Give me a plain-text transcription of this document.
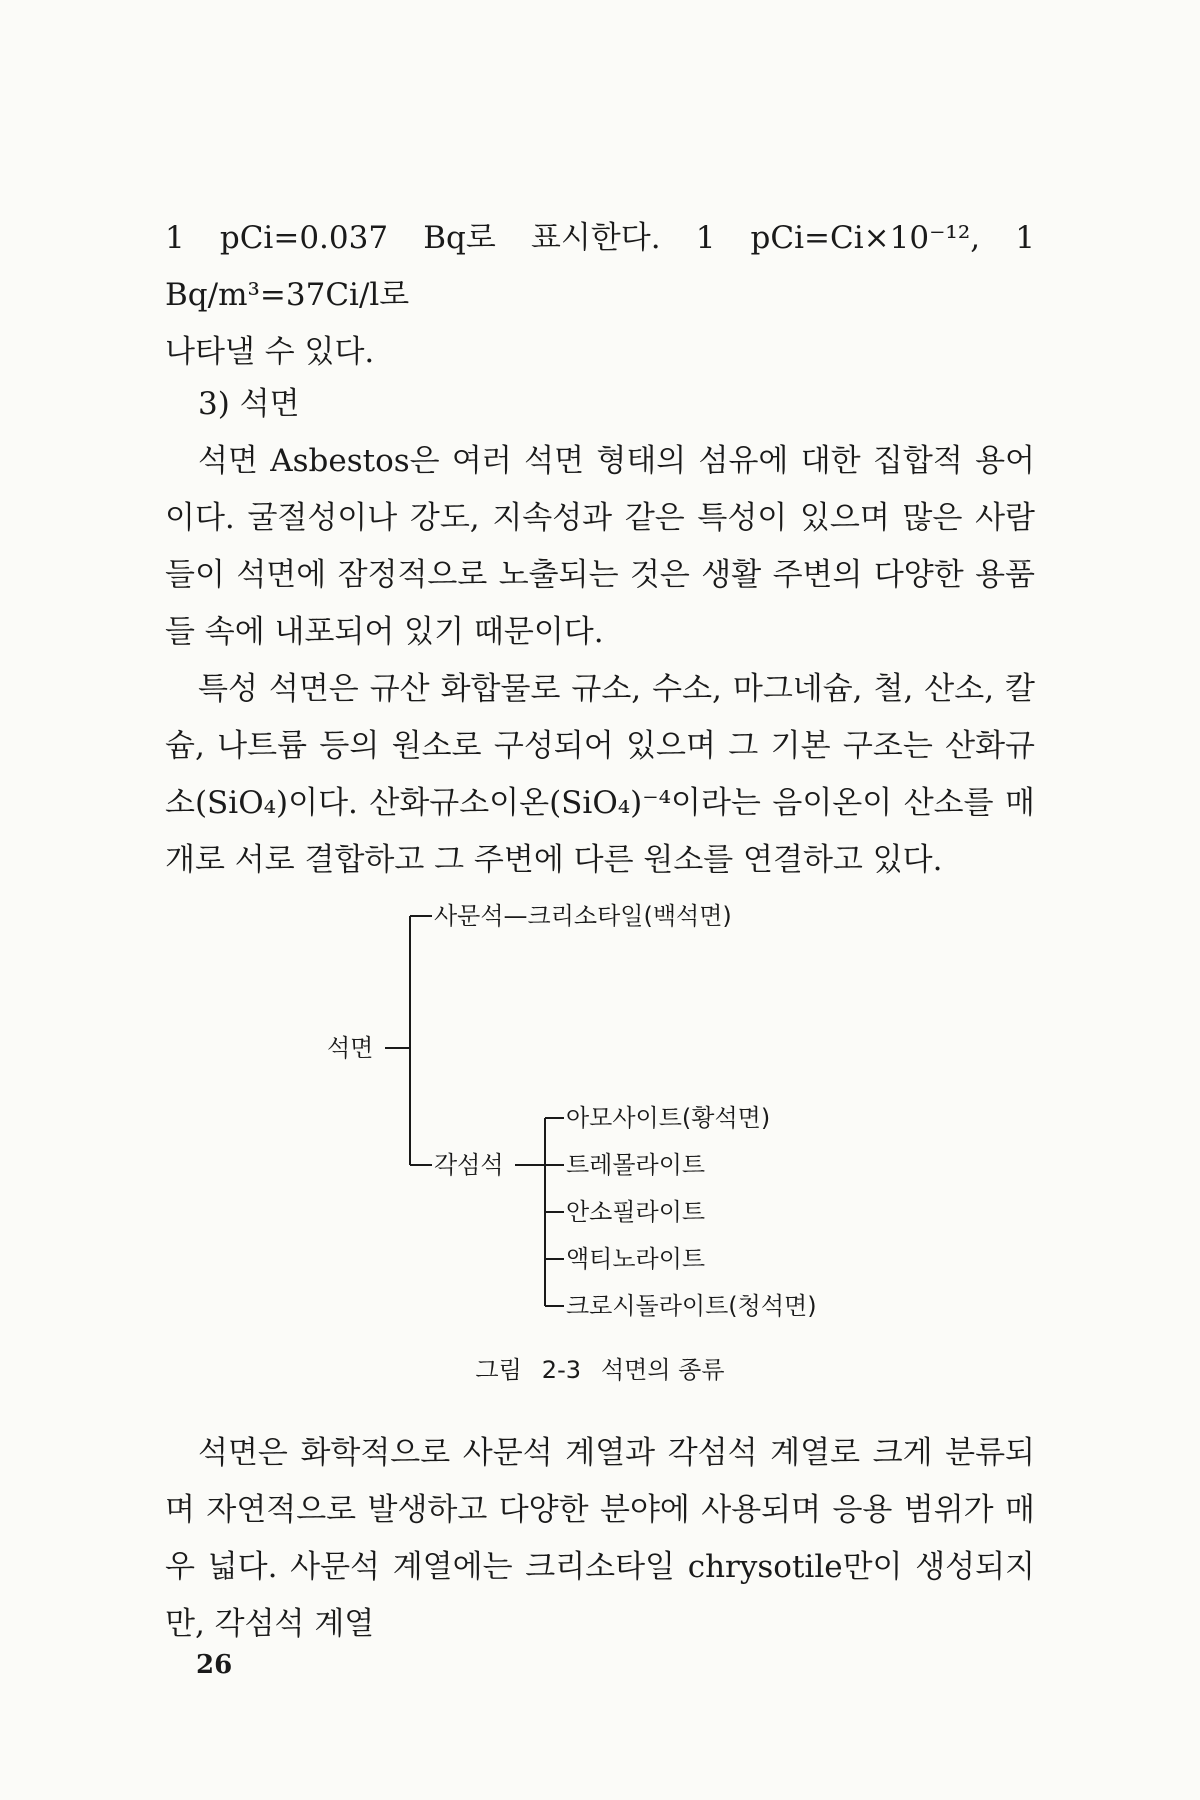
1 pCi=0.037 Bq로 표시한다. 1 pCi=Ci×10⁻¹², 1 Bq/m³=37Ci/l로

나타낼 수 있다.

3) 석면

석면 Asbestos은 여러 석면 형태의 섬유에 대한 집합적 용어이다. 굴절성이나 강도, 지속성과 같은 특성이 있으며 많은 사람들이 석면에 잠정적으로 노출되는 것은 생활 주변의 다양한 용품들 속에 내포되어 있기 때문이다.

특성 석면은 규산 화합물로 규소, 수소, 마그네슘, 철, 산소, 칼슘, 나트륨 등의 원소로 구성되어 있으며 그 기본 구조는 산화규소(SiO₄)이다. 산화규소이온(SiO₄)⁻⁴이라는 음이온이 산소를 매개로 서로 결합하고 그 주변에 다른 원소를 연결하고 있다.

석면
사문석—크리소타일(백석면)
각섬석
아모사이트(황석면)
트레몰라이트
안소필라이트
액티노라이트
크로시돌라이트(청석면)
그림 2-3 석면의 종류

석면은 화학적으로 사문석 계열과 각섬석 계열로 크게 분류되며 자연적으로 발생하고 다양한 분야에 사용되며 응용 범위가 매우 넓다. 사문석 계열에는 크리소타일 chrysotile만이 생성되지만, 각섬석 계열

26
